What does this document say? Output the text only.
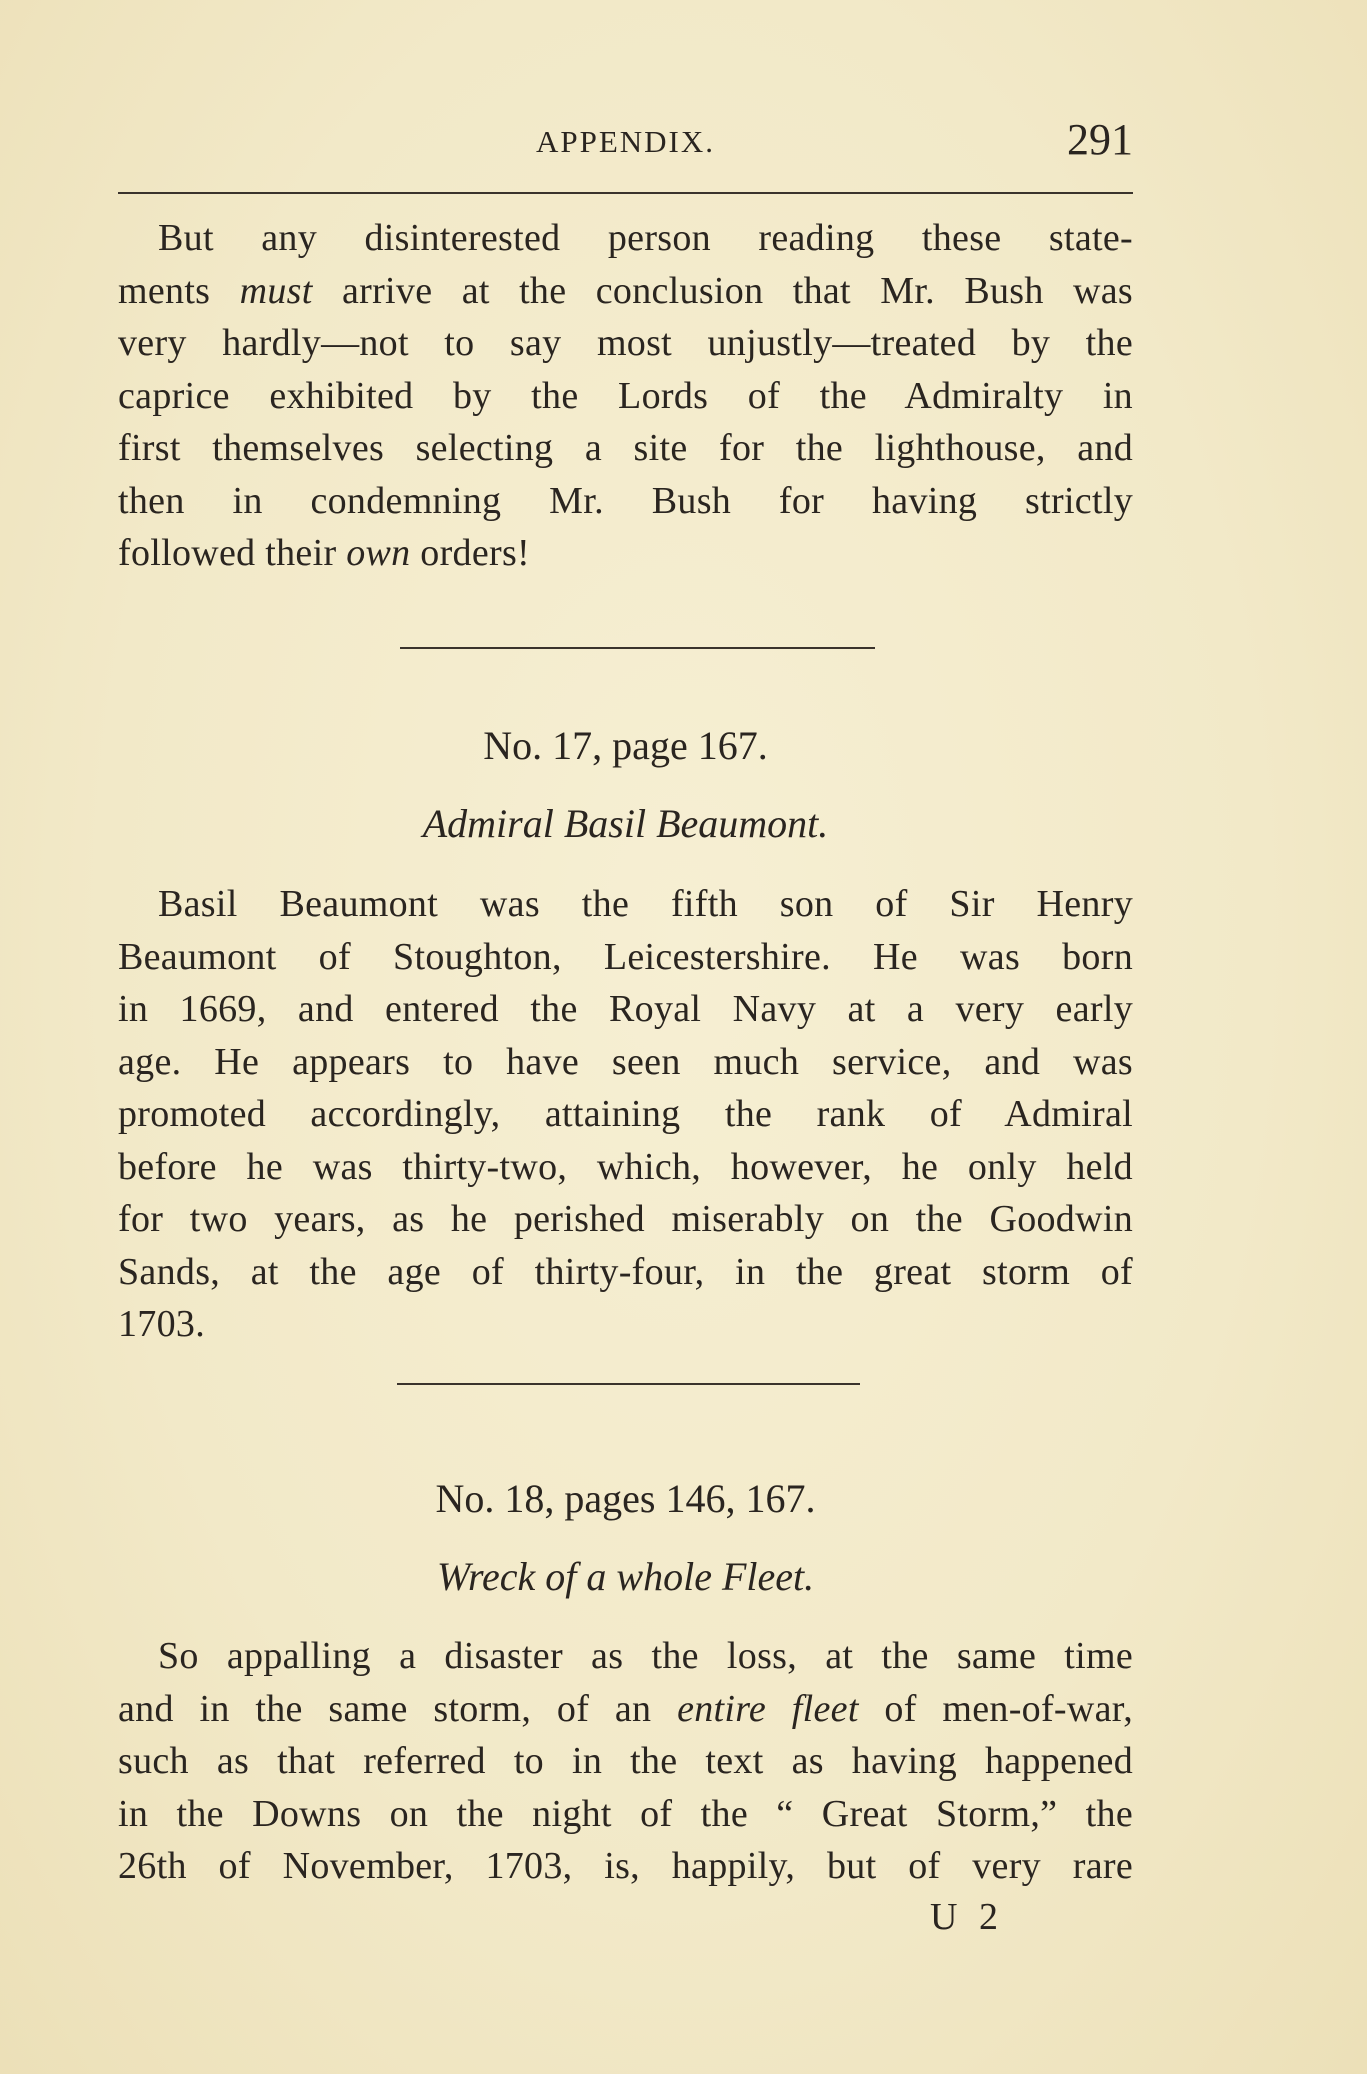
APPENDIX.	291
But any disinterested person reading these state-
ments must arrive at the conclusion that Mr. Bush was
very hardly—not to say most unjustly—treated by the
caprice exhibited by the Lords of the Admiralty in
first themselves selecting a site for the lighthouse, and
then in condemning Mr. Bush for having strictly
followed their own orders!
No. 17, page 167.
Admiral Basil Beaumont.
Basil Beaumont was the fifth son of Sir Henry
Beaumont of Stoughton, Leicestershire. He was born
in 1669, and entered the Royal Navy at a very early
age. He appears to have seen much service, and was
promoted accordingly, attaining the rank of Admiral
before he was thirty-two, which, however, he only held
for two years, as he perished miserably on the Goodwin
Sands, at the age of thirty-four, in the great storm of
1703.
No. 18, pages 146, 167.
Wreck of a whole Fleet.
So appalling a disaster as the loss, at the same time
and in the same storm, of an entire fleet of men-of-war,
such as that referred to in the text as having happened
in the Downs on the night of the “ Great Storm,” the
26th of November, 1703, is, happily, but of very rare
U 2
